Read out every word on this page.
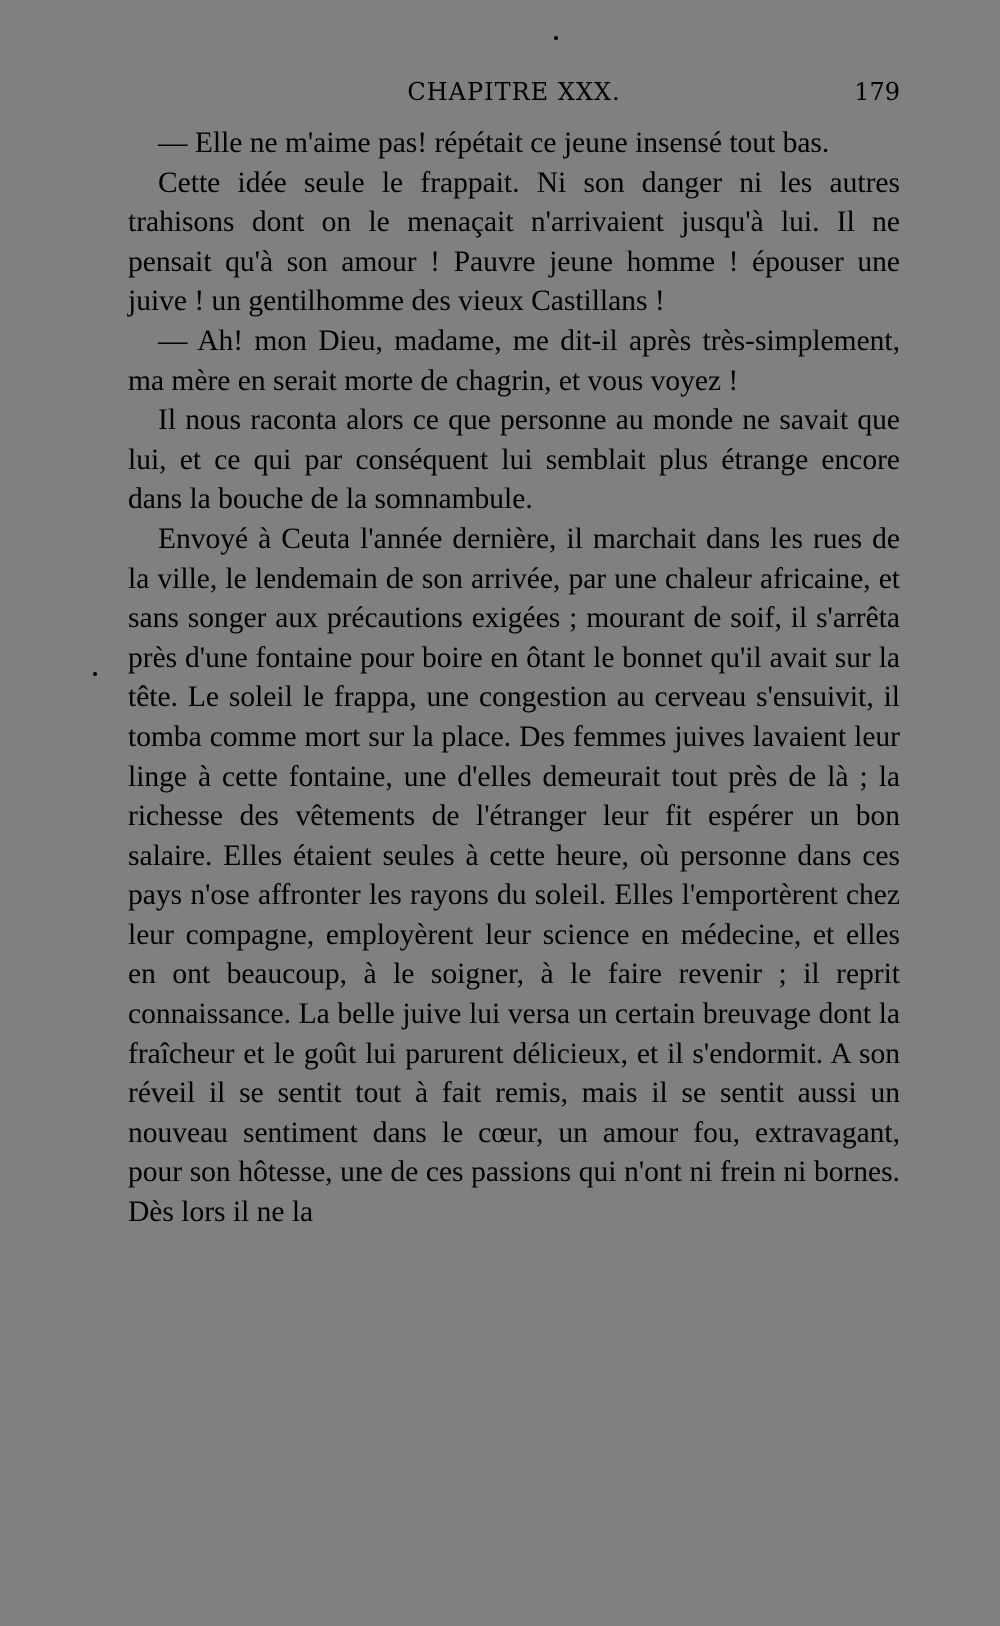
CHAPITRE XXX.	179

— Elle ne m'aime pas! répétait ce jeune insensé tout bas.

Cette idée seule le frappait. Ni son danger ni les autres trahisons dont on le menaçait n'arrivaient jusqu'à lui. Il ne pensait qu'à son amour ! Pauvre jeune homme ! épouser une juive ! un gentilhomme des vieux Castillans !

— Ah! mon Dieu, madame, me dit-il après très-simplement, ma mère en serait morte de chagrin, et vous voyez !

Il nous raconta alors ce que personne au monde ne savait que lui, et ce qui par conséquent lui semblait plus étrange encore dans la bouche de la somnambule.

Envoyé à Ceuta l'année dernière, il marchait dans les rues de la ville, le lendemain de son arrivée, par une chaleur africaine, et sans songer aux précautions exigées ; mourant de soif, il s'arrêta près d'une fontaine pour boire en ôtant le bonnet qu'il avait sur la tête. Le soleil le frappa, une congestion au cerveau s'ensuivit, il tomba comme mort sur la place. Des femmes juives lavaient leur linge à cette fontaine, une d'elles demeurait tout près de là ; la richesse des vêtements de l'étranger leur fit espérer un bon salaire. Elles étaient seules à cette heure, où personne dans ces pays n'ose affronter les rayons du soleil. Elles l'emportèrent chez leur compagne, employèrent leur science en médecine, et elles en ont beaucoup, à le soigner, à le faire revenir ; il reprit connaissance. La belle juive lui versa un certain breuvage dont la fraîcheur et le goût lui parurent délicieux, et il s'endormit. A son réveil il se sentit tout à fait remis, mais il se sentit aussi un nouveau sentiment dans le cœur, un amour fou, extravagant, pour son hôtesse, une de ces passions qui n'ont ni frein ni bornes. Dès lors il ne la
